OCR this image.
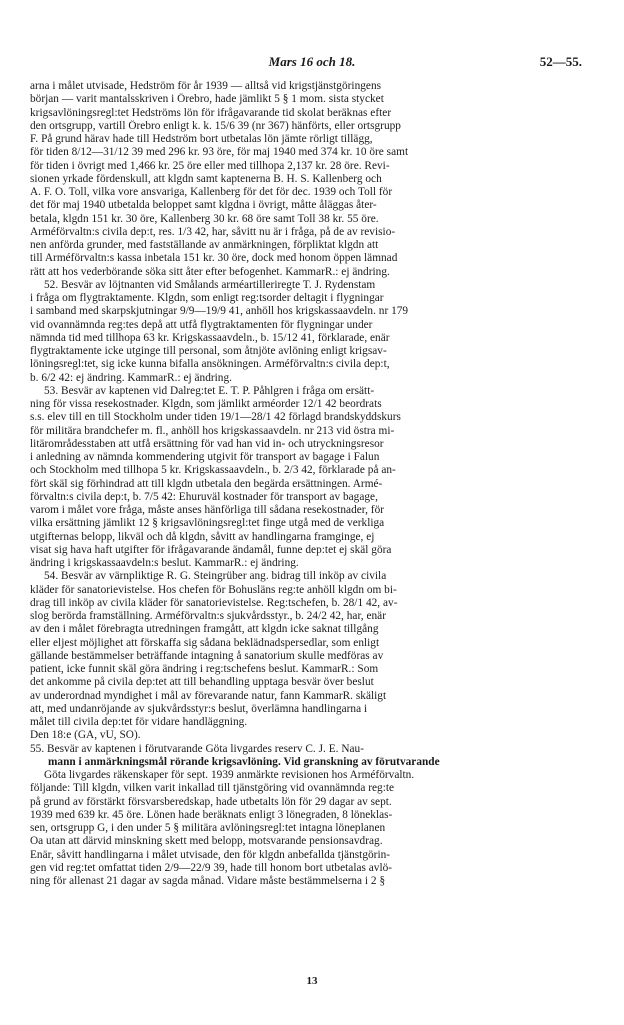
Mars 16 och 18.	52—55.
arna i målet utvisade, Hedström för år 1939 — alltså vid krigstjänstgöringens
början — varit mantalsskriven i Örebro, hade jämlikt 5 § 1 mom. sista stycket
krigsavlöningsregl:tet Hedströms lön för ifrågavarande tid skolat beräknas efter
den ortsgrupp, vartill Örebro enligt k. k. 15/6 39 (nr 367) hänförts, eller ortsgrupp
F. På grund härav hade till Hedström bort utbetalas lön jämte rörligt tillägg,
för tiden 8/12—31/12 39 med 296 kr. 93 öre, för maj 1940 med 374 kr. 10 öre samt
för tiden i övrigt med 1,466 kr. 25 öre eller med tillhopa 2,137 kr. 28 öre. Revi-
sionen yrkade fördenskull, att klgdn samt kaptenerna B. H. S. Kallenberg och
A. F. O. Toll, vilka vore ansvariga, Kallenberg för det för dec. 1939 och Toll för
det för maj 1940 utbetalda beloppet samt klgdna i övrigt, måtte åläggas åter-
betala, klgdn 151 kr. 30 öre, Kallenberg 30 kr. 68 öre samt Toll 38 kr. 55 öre.
Arméförvaltn:s civila dep:t, res. 1/3 42, har, såvitt nu är i fråga, på de av revisio-
nen anförda grunder, med fastställande av anmärkningen, förpliktat klgdn att
till Arméförvaltn:s kassa inbetala 151 kr. 30 öre, dock med honom öppen lämnad
rätt att hos vederbörande söka sitt åter efter befogenhet. KammarR.: ej ändring.
52. Besvär av löjtnanten vid Smålands arméartilleriregte T. J. Rydenstam
i fråga om flygtraktamente. Klgdn, som enligt reg:tsorder deltagit i flygningar
i samband med skarpskjutningar 9/9—19/9 41, anhöll hos krigskassaavdeln. nr 179
vid ovannämnda reg:tes depå att utfå flygtraktamenten för flygningar under
nämnda tid med tillhopa 63 kr. Krigskassaavdeln., b. 15/12 41, förklarade, enär
flygtraktamente icke utginge till personal, som åtnjöte avlöning enligt krigsav-
löningsregl:tet, sig icke kunna bifalla ansökningen. Arméförvaltn:s civila dep:t,
b. 6/2 42: ej ändring. KammarR.: ej ändring.
53. Besvär av kaptenen vid Dalreg:tet E. T. P. Påhlgren i fråga om ersätt-
ning för vissa resekostnader. Klgdn, som jämlikt arméorder 12/1 42 beordrats
s.s. elev till en till Stockholm under tiden 19/1—28/1 42 förlagd brandskyddskurs
för militära brandchefer m. fl., anhöll hos krigskassaavdeln. nr 213 vid östra mi-
litärområdesstaben att utfå ersättning för vad han vid in- och utryckningsresor
i anledning av nämnda kommendering utgivit för transport av bagage i Falun
och Stockholm med tillhopa 5 kr. Krigskassaavdeln., b. 2/3 42, förklarade på an-
fört skäl sig förhindrad att till klgdn utbetala den begärda ersättningen. Armé-
förvaltn:s civila dep:t, b. 7/5 42: Ehuruväl kostnader för transport av bagage,
varom i målet vore fråga, måste anses hänförliga till sådana resekostnader, för
vilka ersättning jämlikt 12 § krigsavlöningsregl:tet finge utgå med de verkliga
utgifternas belopp, likväl och då klgdn, såvitt av handlingarna framginge, ej
visat sig hava haft utgifter för ifrågavarande ändamål, funne dep:tet ej skäl göra
ändring i krigskassaavdeln:s beslut. KammarR.: ej ändring.
54. Besvär av värnpliktige R. G. Steingrüber ang. bidrag till inköp av civila
kläder för sanatorievistelse. Hos chefen för Bohusläns reg:te anhöll klgdn om bi-
drag till inköp av civila kläder för sanatorievistelse. Reg:tschefen, b. 28/1 42, av-
slog berörda framställning. Arméförvaltn:s sjukvårdsstyr., b. 24/2 42, har, enär
av den i målet förebragta utredningen framgått, att klgdn icke saknat tillgång
eller eljest möjlighet att förskaffa sig sådana beklädnadspersedlar, som enligt
gällande bestämmelser beträffande intagning å sanatorium skulle medföras av
patient, icke funnit skäl göra ändring i reg:tschefens beslut. KammarR.: Som
det ankomme på civila dep:tet att till behandling upptaga besvär över beslut
av underordnad myndighet i mål av förevarande natur, fann KammarR. skäligt
att, med undanröjande av sjukvårdsstyr:s beslut, överlämna handlingarna i
målet till civila dep:tet för vidare handläggning.
Den 18:e (GA, vU, SO).
55. Besvär av kaptenen i förutvarande Göta livgardes reserv C. J. E. Nau-
mann i anmärkningsmål rörande krigsavlöning. Vid granskning av förutvarande
Göta livgardes räkenskaper för sept. 1939 anmärkte revisionen hos Arméförvaltn.
följande: Till klgdn, vilken varit inkallad till tjänstgöring vid ovannämnda reg:te
på grund av förstärkt försvarsberedskap, hade utbetalts lön för 29 dagar av sept.
1939 med 639 kr. 45 öre. Lönen hade beräknats enligt 3 lönegraden, 8 löneklas-
sen, ortsgrupp G, i den under 5 § militära avlöningsregl:tet intagna löneplanen
Oa utan att därvid minskning skett med belopp, motsvarande pensionsavdrag.
Enär, såvitt handlingarna i målet utvisade, den för klgdn anbefallda tjänstgörin-
gen vid reg:tet omfattat tiden 2/9—22/9 39, hade till honom bort utbetalas avlö-
ning för allenast 21 dagar av sagda månad. Vidare måste bestämmelserna i 2 §
13
